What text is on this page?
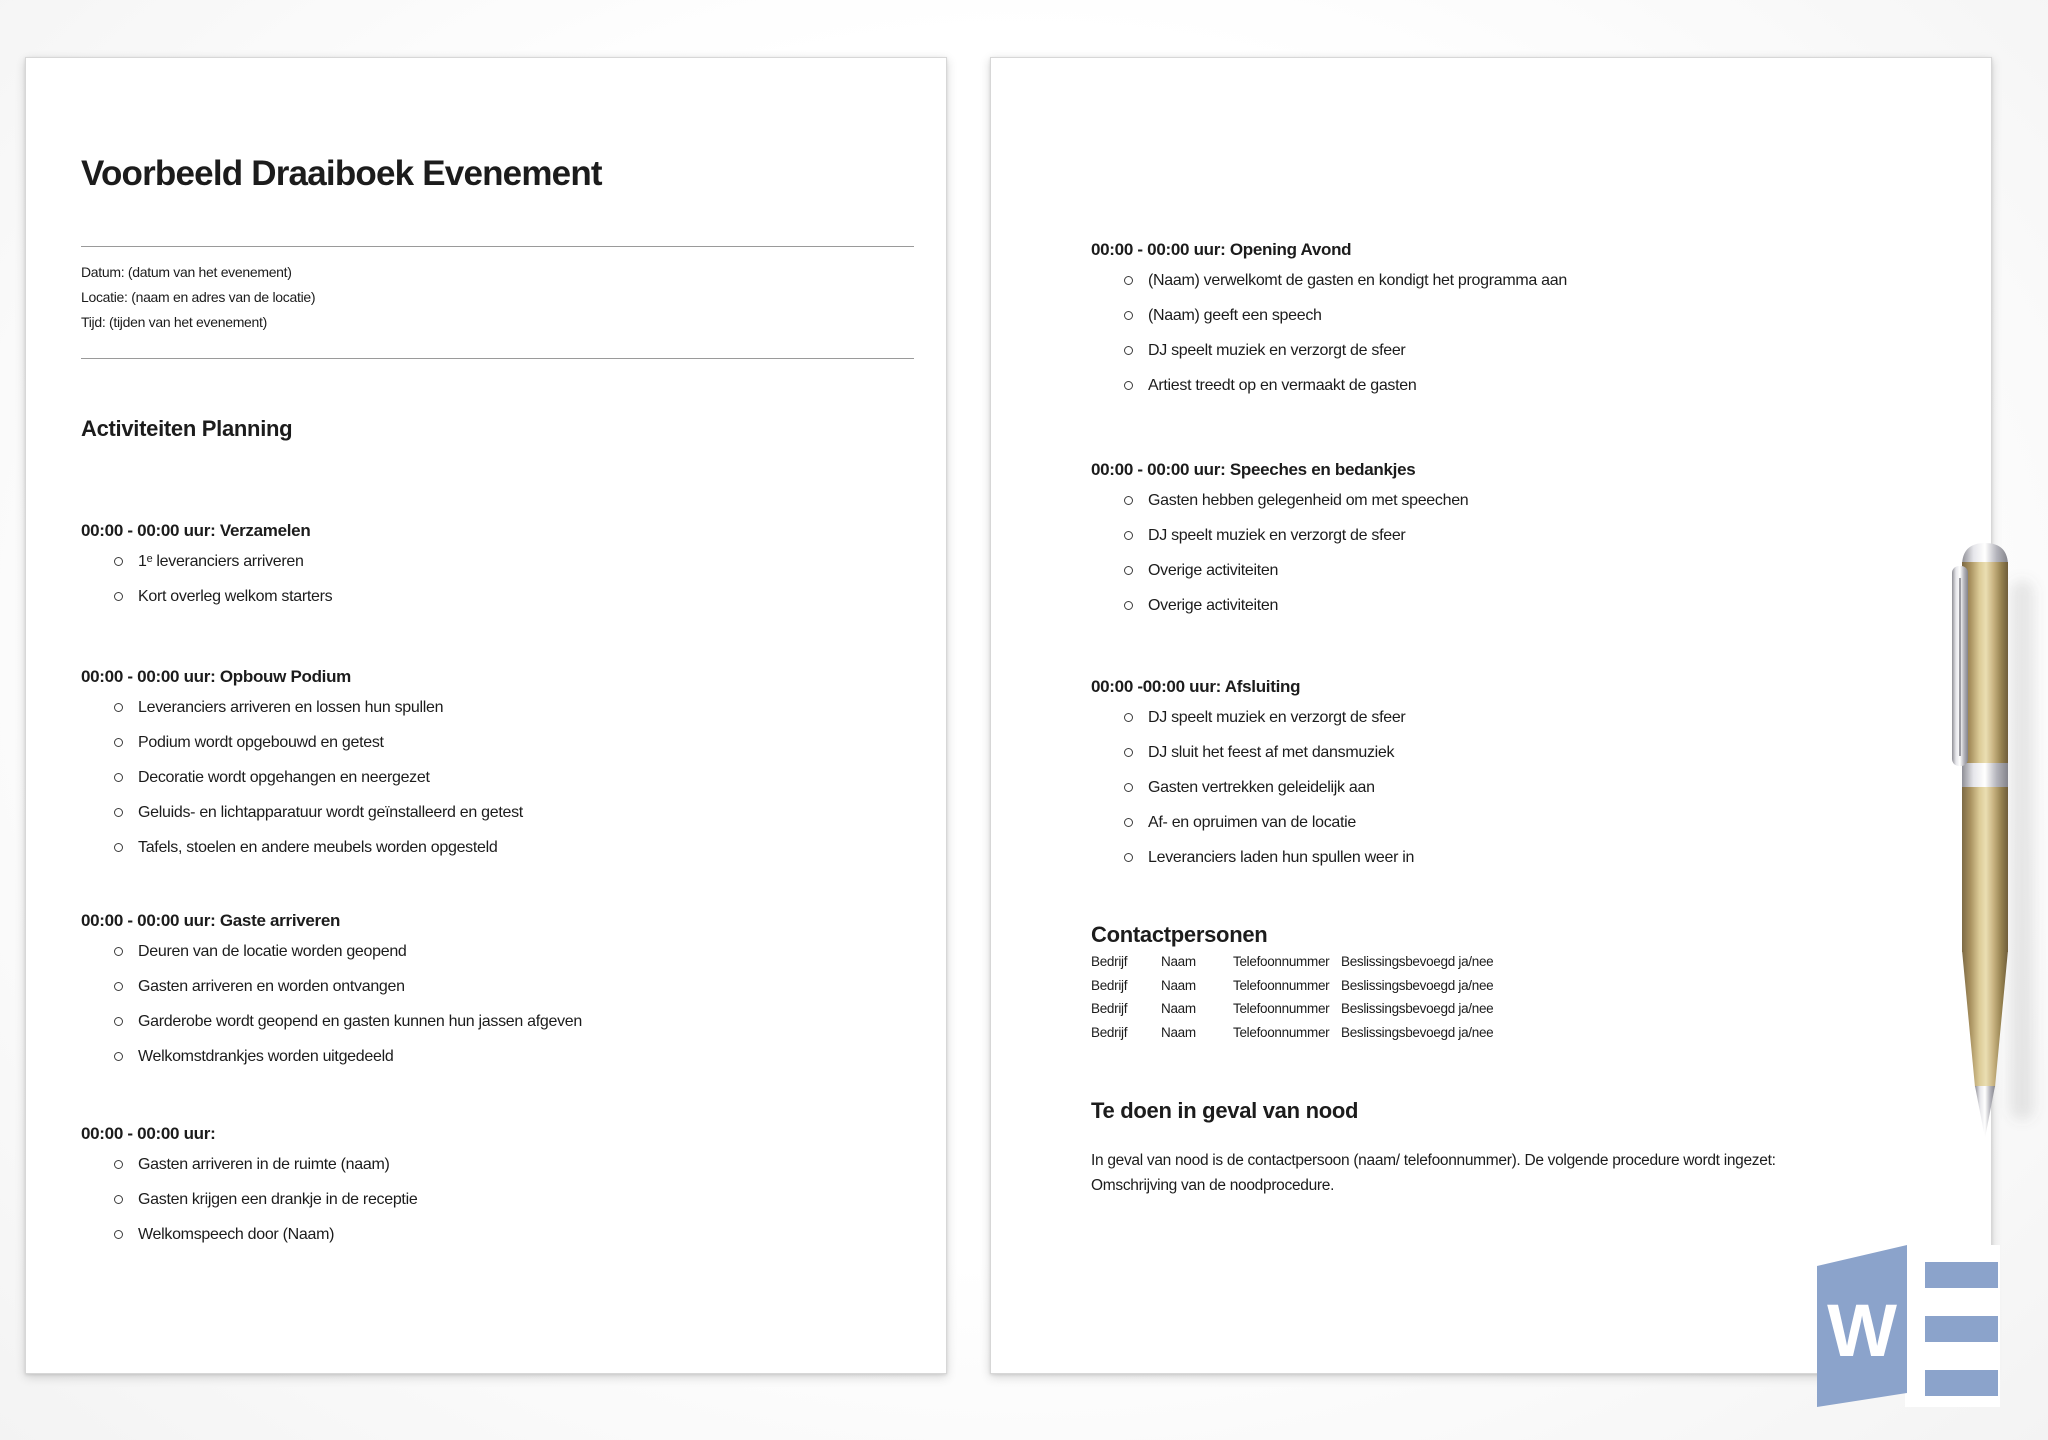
Voorbeeld Draaiboek Evenement
Datum: (datum van het evenement)
Locatie: (naam en adres van de locatie)
Tijd: (tijden van het evenement)
Activiteiten Planning
00:00 - 00:00 uur: Verzamelen
1ᵉ leveranciers arriveren
Kort overleg welkom starters
00:00 - 00:00 uur: Opbouw Podium
Leveranciers arriveren en lossen hun spullen
Podium wordt opgebouwd en getest
Decoratie wordt opgehangen en neergezet
Geluids- en lichtapparatuur wordt geïnstalleerd en getest
Tafels, stoelen en andere meubels worden opgesteld
00:00 - 00:00 uur: Gaste arriveren
Deuren van de locatie worden geopend
Gasten arriveren en worden ontvangen
Garderobe wordt geopend en gasten kunnen hun jassen afgeven
Welkomstdrankjes worden uitgedeeld
00:00 - 00:00 uur:
Gasten arriveren in de ruimte (naam)
Gasten krijgen een drankje in de receptie
Welkomspeech door (Naam)
00:00 - 00:00 uur: Opening Avond
(Naam) verwelkomt de gasten en kondigt het programma aan
(Naam) geeft een speech
DJ speelt muziek en verzorgt de sfeer
Artiest treedt op en vermaakt de gasten
00:00 - 00:00 uur: Speeches en bedankjes
Gasten hebben gelegenheid om met speechen
DJ speelt muziek en verzorgt de sfeer
Overige activiteiten
Overige activiteiten
00:00 -00:00 uur: Afsluiting
DJ speelt muziek en verzorgt de sfeer
DJ sluit het feest af met dansmuziek
Gasten vertrekken geleidelijk aan
Af- en opruimen van de locatie
Leveranciers laden hun spullen weer in
Contactpersonen
Bedrijf	Naam	Telefoonnummer Beslissingsbevoegd ja/nee
Bedrijf	Naam	Telefoonnummer Beslissingsbevoegd ja/nee
Bedrijf	Naam	Telefoonnummer Beslissingsbevoegd ja/nee
Bedrijf	Naam	Telefoonnummer Beslissingsbevoegd ja/nee
Te doen in geval van nood
In geval van nood is de contactpersoon (naam/ telefoonnummer). De volgende procedure wordt ingezet:
Omschrijving van de noodprocedure.
W
